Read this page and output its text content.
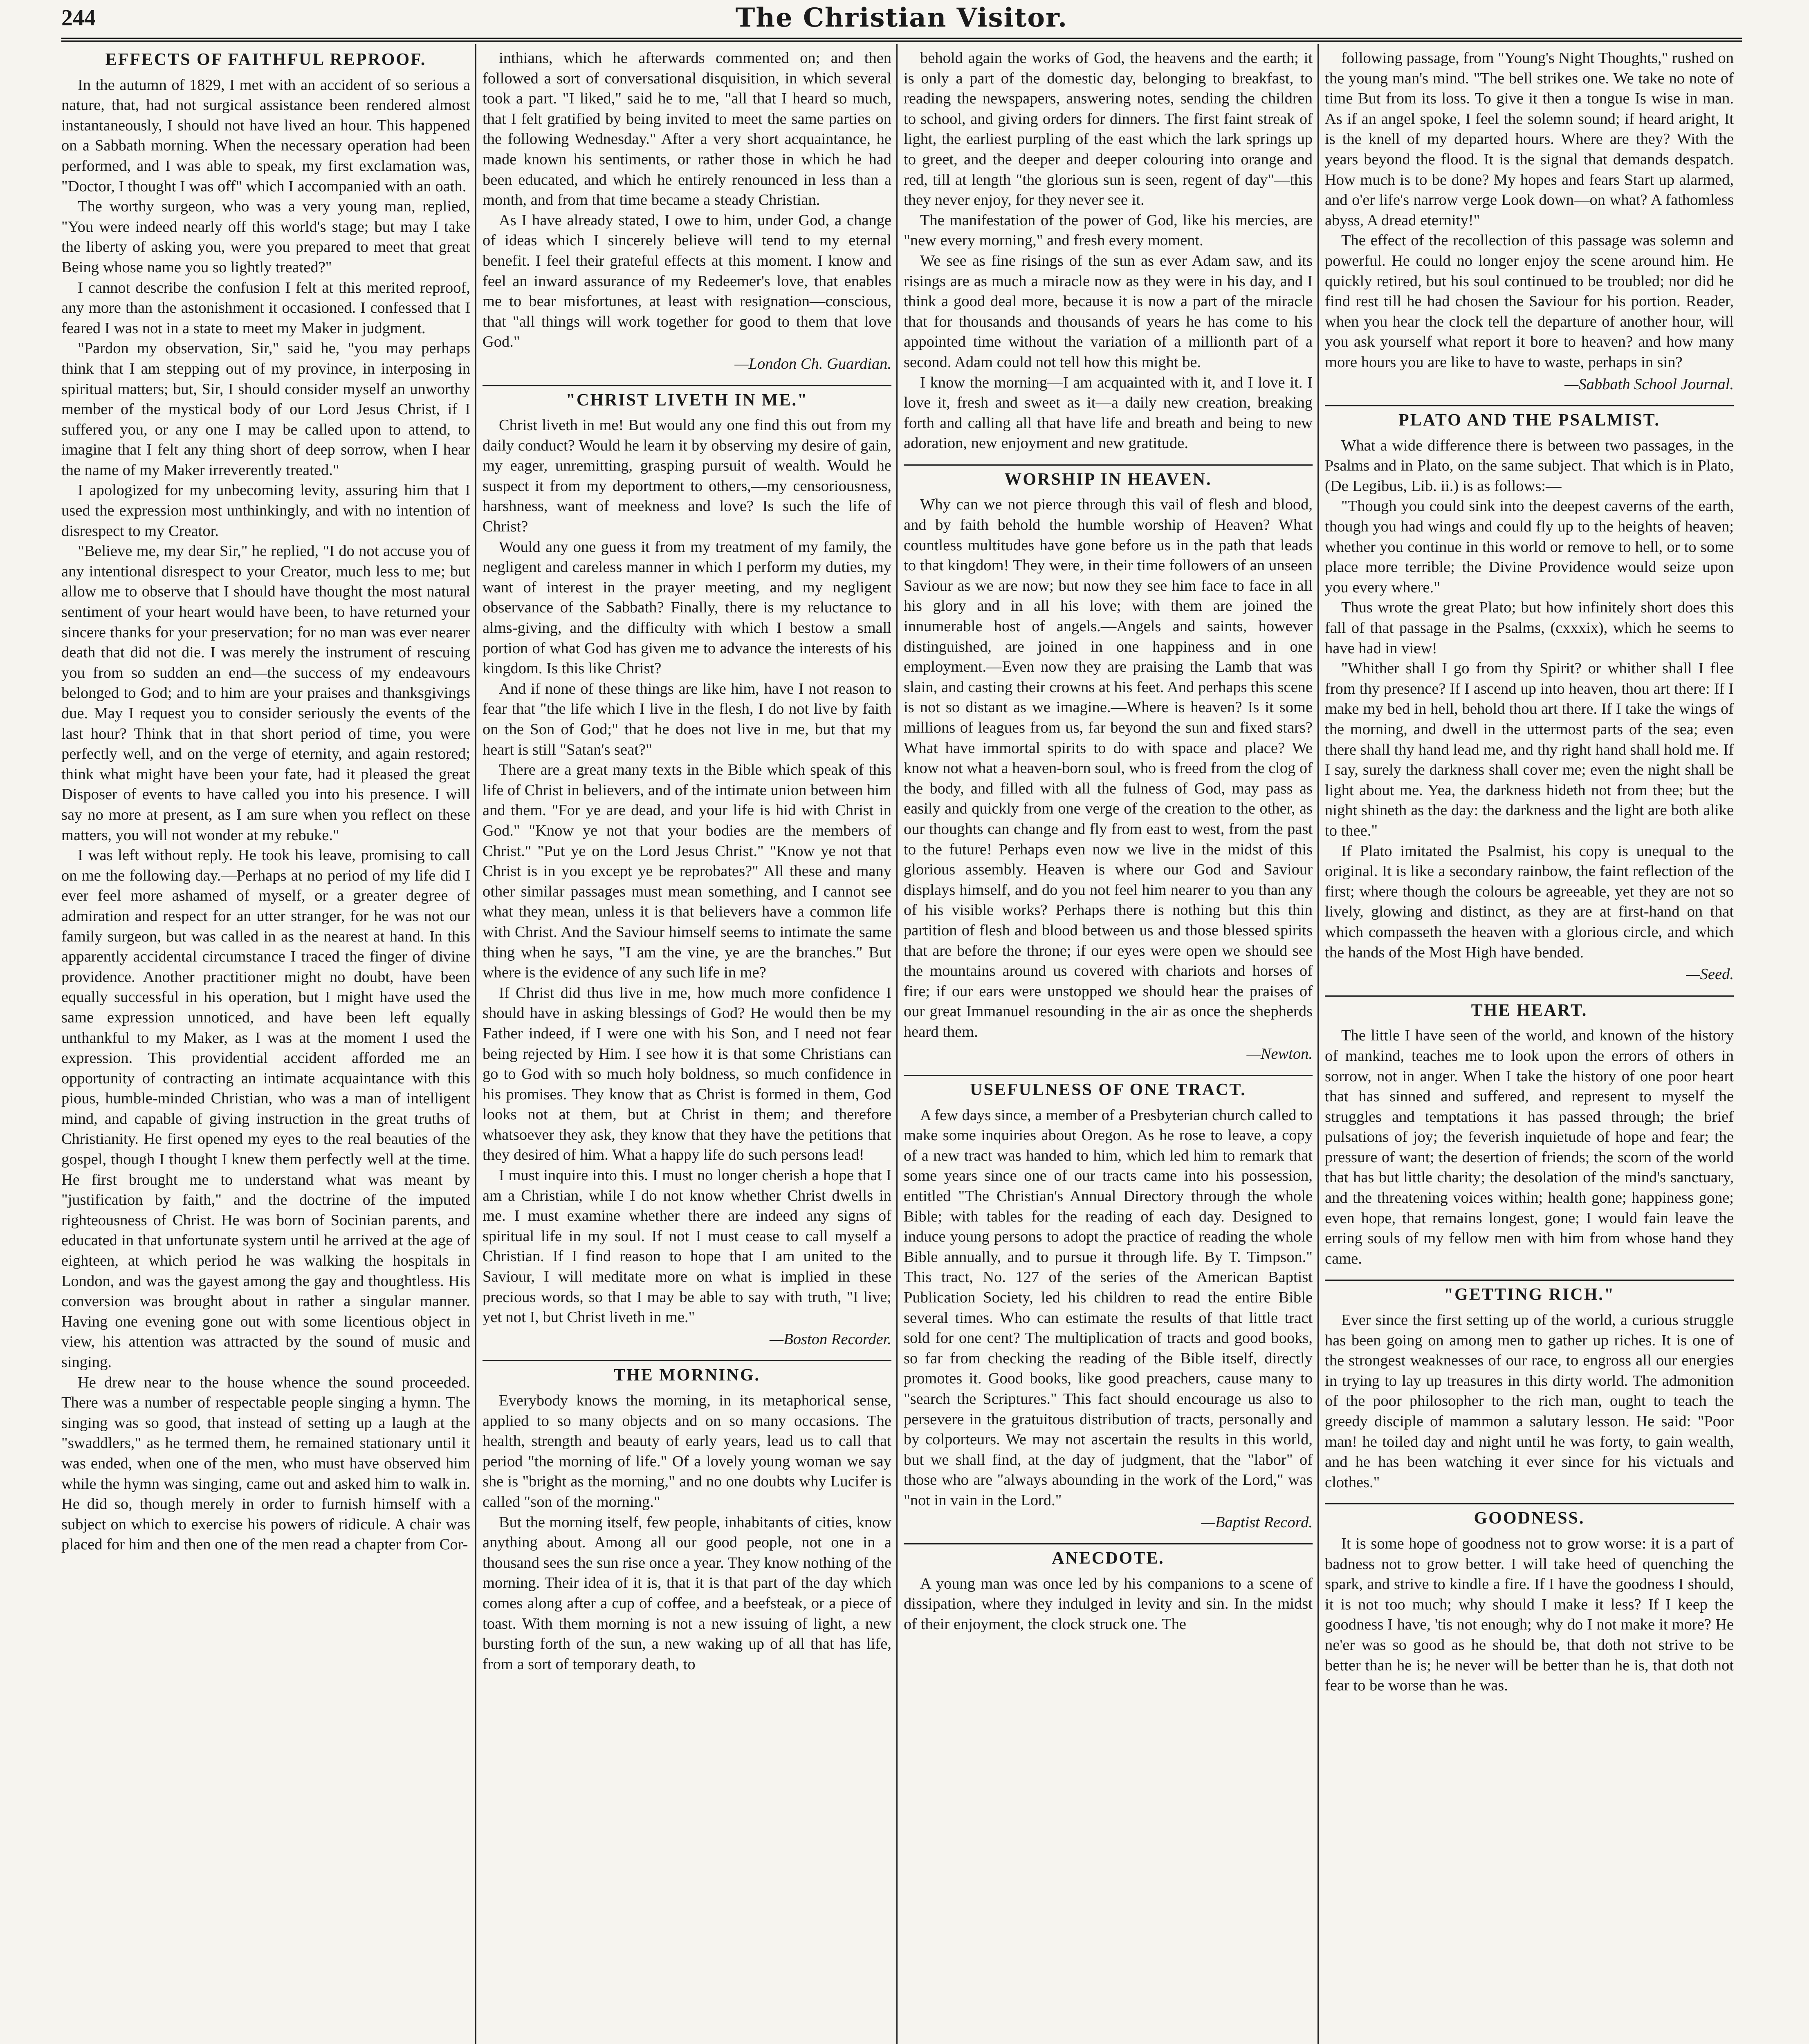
244	The Christian Visitor.
EFFECTS OF FAITHFUL REPROOF.

In the autumn of 1829, I met with an accident of so serious a nature, that, had not surgical assistance been rendered almost instantaneously, I should not have lived an hour. This happened on a Sabbath morning. When the necessary operation had been performed, and I was able to speak, my first exclamation was, "Doctor, I thought I was off" which I accompanied with an oath.

The worthy surgeon, who was a very young man, replied, "You were indeed nearly off this world's stage; but may I take the liberty of asking you, were you prepared to meet that great Being whose name you so lightly treated?"

I cannot describe the confusion I felt at this merited reproof, any more than the astonishment it occasioned. I confessed that I feared I was not in a state to meet my Maker in judgment.

"Pardon my observation, Sir," said he, "you may perhaps think that I am stepping out of my province, in interposing in spiritual matters; but, Sir, I should consider myself an unworthy member of the mystical body of our Lord Jesus Christ, if I suffered you, or any one I may be called upon to attend, to imagine that I felt any thing short of deep sorrow, when I hear the name of my Maker irreverently treated."

I apologized for my unbecoming levity, assuring him that I used the expression most unthinkingly, and with no intention of disrespect to my Creator.

"Believe me, my dear Sir," he replied, "I do not accuse you of any intentional disrespect to your Creator, much less to me; but allow me to observe that I should have thought the most natural sentiment of your heart would have been, to have returned your sincere thanks for your preservation; for no man was ever nearer death that did not die. I was merely the instrument of rescuing you from so sudden an end—the success of my endeavours belonged to God; and to him are your praises and thanksgivings due. May I request you to consider seriously the events of the last hour? Think that in that short period of time, you were perfectly well, and on the verge of eternity, and again restored; think what might have been your fate, had it pleased the great Disposer of events to have called you into his presence. I will say no more at present, as I am sure when you reflect on these matters, you will not wonder at my rebuke."

I was left without reply. He took his leave, promising to call on me the following day.—Perhaps at no period of my life did I ever feel more ashamed of myself, or a greater degree of admiration and respect for an utter stranger, for he was not our family surgeon, but was called in as the nearest at hand. In this apparently accidental circumstance I traced the finger of divine providence. Another practitioner might no doubt, have been equally successful in his operation, but I might have used the same expression unnoticed, and have been left equally unthankful to my Maker, as I was at the moment I used the expression. This providential accident afforded me an opportunity of contracting an intimate acquaintance with this pious, humble-minded Christian, who was a man of intelligent mind, and capable of giving instruction in the great truths of Christianity. He first opened my eyes to the real beauties of the gospel, though I thought I knew them perfectly well at the time. He first brought me to understand what was meant by "justification by faith," and the doctrine of the imputed righteousness of Christ. He was born of Socinian parents, and educated in that unfortunate system until he arrived at the age of eighteen, at which period he was walking the hospitals in London, and was the gayest among the gay and thoughtless. His conversion was brought about in rather a singular manner. Having one evening gone out with some licentious object in view, his attention was attracted by the sound of music and singing.

He drew near to the house whence the sound proceeded. There was a number of respectable people singing a hymn. The singing was so good, that instead of setting up a laugh at the "swaddlers," as he termed them, he remained stationary until it was ended, when one of the men, who must have observed him while the hymn was singing, came out and asked him to walk in. He did so, though merely in order to furnish himself with a subject on which to exercise his powers of ridicule. A chair was placed for him and then one of the men read a chapter from Cor-

inthians, which he afterwards commented on; and then followed a sort of conversational disquisition, in which several took a part. "I liked," said he to me, "all that I heard so much, that I felt gratified by being invited to meet the same parties on the following Wednesday." After a very short acquaintance, he made known his sentiments, or rather those in which he had been educated, and which he entirely renounced in less than a month, and from that time became a steady Christian.

As I have already stated, I owe to him, under God, a change of ideas which I sincerely believe will tend to my eternal benefit. I feel their grateful effects at this moment. I know and feel an inward assurance of my Redeemer's love, that enables me to bear misfortunes, at least with resignation—conscious, that "all things will work together for good to them that love God."

—London Ch. Guardian.
"CHRIST LIVETH IN ME."

Christ liveth in me! But would any one find this out from my daily conduct? Would he learn it by observing my desire of gain, my eager, unremitting, grasping pursuit of wealth. Would he suspect it from my deportment to others,—my censoriousness, harshness, want of meekness and love? Is such the life of Christ?

Would any one guess it from my treatment of my family, the negligent and careless manner in which I perform my duties, my want of interest in the prayer meeting, and my negligent observance of the Sabbath? Finally, there is my reluctance to alms-giving, and the difficulty with which I bestow a small portion of what God has given me to advance the interests of his kingdom. Is this like Christ?

And if none of these things are like him, have I not reason to fear that "the life which I live in the flesh, I do not live by faith on the Son of God;" that he does not live in me, but that my heart is still "Satan's seat?"

There are a great many texts in the Bible which speak of this life of Christ in believers, and of the intimate union between him and them. "For ye are dead, and your life is hid with Christ in God." "Know ye not that your bodies are the members of Christ." "Put ye on the Lord Jesus Christ." "Know ye not that Christ is in you except ye be reprobates?" All these and many other similar passages must mean something, and I cannot see what they mean, unless it is that believers have a common life with Christ. And the Saviour himself seems to intimate the same thing when he says, "I am the vine, ye are the branches." But where is the evidence of any such life in me?

If Christ did thus live in me, how much more confidence I should have in asking blessings of God? He would then be my Father indeed, if I were one with his Son, and I need not fear being rejected by Him. I see how it is that some Christians can go to God with so much holy boldness, so much confidence in his promises. They know that as Christ is formed in them, God looks not at them, but at Christ in them; and therefore whatsoever they ask, they know that they have the petitions that they desired of him. What a happy life do such persons lead!

I must inquire into this. I must no longer cherish a hope that I am a Christian, while I do not know whether Christ dwells in me. I must examine whether there are indeed any signs of spiritual life in my soul. If not I must cease to call myself a Christian. If I find reason to hope that I am united to the Saviour, I will meditate more on what is implied in these precious words, so that I may be able to say with truth, "I live; yet not I, but Christ liveth in me."

—Boston Recorder.
THE MORNING.

Everybody knows the morning, in its metaphorical sense, applied to so many objects and on so many occasions. The health, strength and beauty of early years, lead us to call that period "the morning of life." Of a lovely young woman we say she is "bright as the morning," and no one doubts why Lucifer is called "son of the morning."

But the morning itself, few people, inhabitants of cities, know anything about. Among all our good people, not one in a thousand sees the sun rise once a year. They know nothing of the morning. Their idea of it is, that it is that part of the day which comes along after a cup of coffee, and a beefsteak, or a piece of toast. With them morning is not a new issuing of light, a new bursting forth of the sun, a new waking up of all that has life, from a sort of temporary death, to

behold again the works of God, the heavens and the earth; it is only a part of the domestic day, belonging to breakfast, to reading the newspapers, answering notes, sending the children to school, and giving orders for dinners. The first faint streak of light, the earliest purpling of the east which the lark springs up to greet, and the deeper and deeper colouring into orange and red, till at length "the glorious sun is seen, regent of day"—this they never enjoy, for they never see it.

The manifestation of the power of God, like his mercies, are "new every morning," and fresh every moment.

We see as fine risings of the sun as ever Adam saw, and its risings are as much a miracle now as they were in his day, and I think a good deal more, because it is now a part of the miracle that for thousands and thousands of years he has come to his appointed time without the variation of a millionth part of a second. Adam could not tell how this might be.

I know the morning—I am acquainted with it, and I love it. I love it, fresh and sweet as it—a daily new creation, breaking forth and calling all that have life and breath and being to new adoration, new enjoyment and new gratitude.

WORSHIP IN HEAVEN.

Why can we not pierce through this vail of flesh and blood, and by faith behold the humble worship of Heaven? What countless multitudes have gone before us in the path that leads to that kingdom! They were, in their time followers of an unseen Saviour as we are now; but now they see him face to face in all his glory and in all his love; with them are joined the innumerable host of angels.—Angels and saints, however distinguished, are joined in one happiness and in one employment.—Even now they are praising the Lamb that was slain, and casting their crowns at his feet. And perhaps this scene is not so distant as we imagine.—Where is heaven? Is it some millions of leagues from us, far beyond the sun and fixed stars? What have immortal spirits to do with space and place? We know not what a heaven-born soul, who is freed from the clog of the body, and filled with all the fulness of God, may pass as easily and quickly from one verge of the creation to the other, as our thoughts can change and fly from east to west, from the past to the future! Perhaps even now we live in the midst of this glorious assembly. Heaven is where our God and Saviour displays himself, and do you not feel him nearer to you than any of his visible works? Perhaps there is nothing but this thin partition of flesh and blood between us and those blessed spirits that are before the throne; if our eyes were open we should see the mountains around us covered with chariots and horses of fire; if our ears were unstopped we should hear the praises of our great Immanuel resounding in the air as once the shepherds heard them.

—Newton.
USEFULNESS OF ONE TRACT.

A few days since, a member of a Presbyterian church called to make some inquiries about Oregon. As he rose to leave, a copy of a new tract was handed to him, which led him to remark that some years since one of our tracts came into his possession, entitled "The Christian's Annual Directory through the whole Bible; with tables for the reading of each day. Designed to induce young persons to adopt the practice of reading the whole Bible annually, and to pursue it through life. By T. Timpson." This tract, No. 127 of the series of the American Baptist Publication Society, led his children to read the entire Bible several times. Who can estimate the results of that little tract sold for one cent? The multiplication of tracts and good books, so far from checking the reading of the Bible itself, directly promotes it. Good books, like good preachers, cause many to "search the Scriptures." This fact should encourage us also to persevere in the gratuitous distribution of tracts, personally and by colporteurs. We may not ascertain the results in this world, but we shall find, at the day of judgment, that the "labor" of those who are "always abounding in the work of the Lord," was "not in vain in the Lord."

—Baptist Record.
ANECDOTE.

A young man was once led by his companions to a scene of dissipation, where they indulged in levity and sin. In the midst of their enjoyment, the clock struck one. The

following passage, from "Young's Night Thoughts," rushed on the young man's mind. "The bell strikes one. We take no note of time But from its loss. To give it then a tongue Is wise in man. As if an angel spoke, I feel the solemn sound; if heard aright, It is the knell of my departed hours. Where are they? With the years beyond the flood. It is the signal that demands despatch. How much is to be done? My hopes and fears Start up alarmed, and o'er life's narrow verge Look down—on what? A fathomless abyss, A dread eternity!"

The effect of the recollection of this passage was solemn and powerful. He could no longer enjoy the scene around him. He quickly retired, but his soul continued to be troubled; nor did he find rest till he had chosen the Saviour for his portion. Reader, when you hear the clock tell the departure of another hour, will you ask yourself what report it bore to heaven? and how many more hours you are like to have to waste, perhaps in sin?

—Sabbath School Journal.
PLATO AND THE PSALMIST.

What a wide difference there is between two passages, in the Psalms and in Plato, on the same subject. That which is in Plato, (De Legibus, Lib. ii.) is as follows:—

"Though you could sink into the deepest caverns of the earth, though you had wings and could fly up to the heights of heaven; whether you continue in this world or remove to hell, or to some place more terrible; the Divine Providence would seize upon you every where."

Thus wrote the great Plato; but how infinitely short does this fall of that passage in the Psalms, (cxxxix), which he seems to have had in view!

"Whither shall I go from thy Spirit? or whither shall I flee from thy presence? If I ascend up into heaven, thou art there: If I make my bed in hell, behold thou art there. If I take the wings of the morning, and dwell in the uttermost parts of the sea; even there shall thy hand lead me, and thy right hand shall hold me. If I say, surely the darkness shall cover me; even the night shall be light about me. Yea, the darkness hideth not from thee; but the night shineth as the day: the darkness and the light are both alike to thee."

If Plato imitated the Psalmist, his copy is unequal to the original. It is like a secondary rainbow, the faint reflection of the first; where though the colours be agreeable, yet they are not so lively, glowing and distinct, as they are at first-hand on that which compasseth the heaven with a glorious circle, and which the hands of the Most High have bended.

—Seed.
THE HEART.

The little I have seen of the world, and known of the history of mankind, teaches me to look upon the errors of others in sorrow, not in anger. When I take the history of one poor heart that has sinned and suffered, and represent to myself the struggles and temptations it has passed through; the brief pulsations of joy; the feverish inquietude of hope and fear; the pressure of want; the desertion of friends; the scorn of the world that has but little charity; the desolation of the mind's sanctuary, and the threatening voices within; health gone; happiness gone; even hope, that remains longest, gone; I would fain leave the erring souls of my fellow men with him from whose hand they came.

"GETTING RICH."

Ever since the first setting up of the world, a curious struggle has been going on among men to gather up riches. It is one of the strongest weaknesses of our race, to engross all our energies in trying to lay up treasures in this dirty world. The admonition of the poor philosopher to the rich man, ought to teach the greedy disciple of mammon a salutary lesson. He said: "Poor man! he toiled day and night until he was forty, to gain wealth, and he has been watching it ever since for his victuals and clothes."

GOODNESS.

It is some hope of goodness not to grow worse: it is a part of badness not to grow better. I will take heed of quenching the spark, and strive to kindle a fire. If I have the goodness I should, it is not too much; why should I make it less? If I keep the goodness I have, 'tis not enough; why do I not make it more? He ne'er was so good as he should be, that doth not strive to be better than he is; he never will be better than he is, that doth not fear to be worse than he was.
